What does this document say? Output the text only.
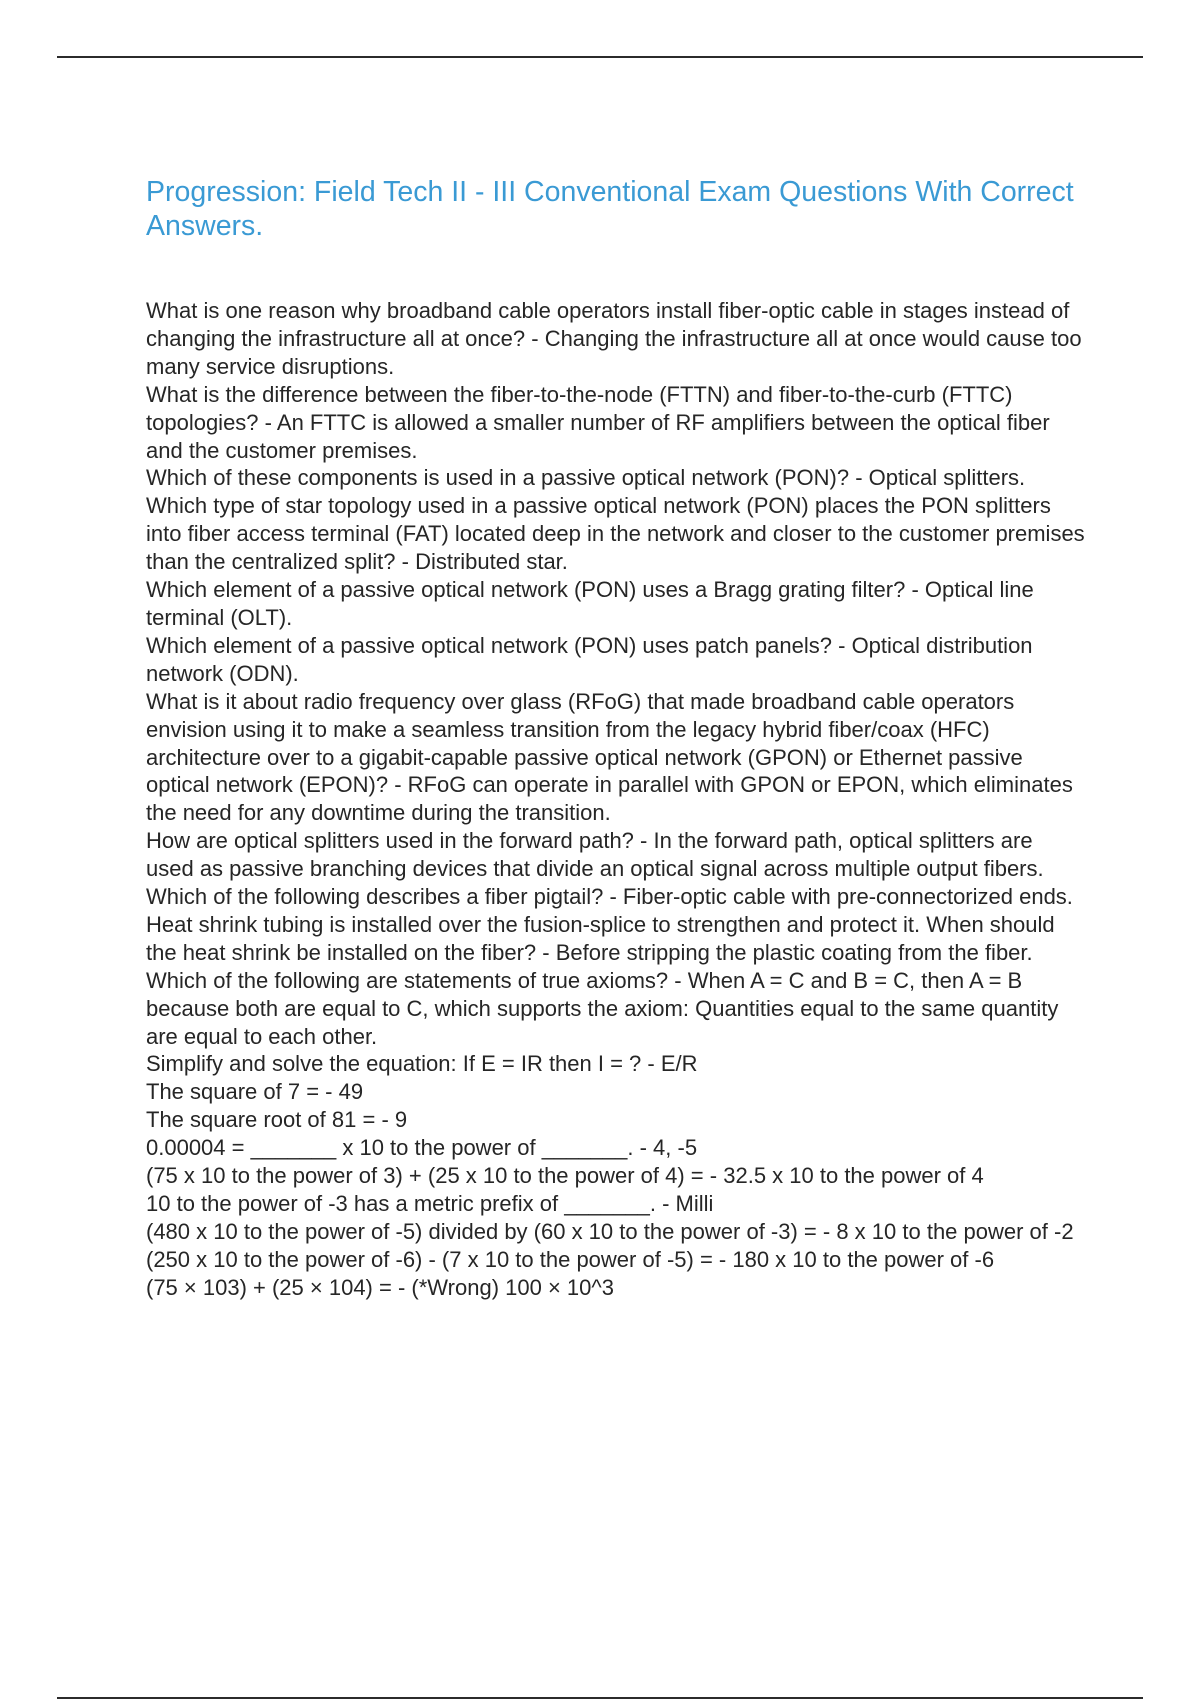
Progression: Field Tech II - III Conventional Exam Questions With Correct Answers.

What is one reason why broadband cable operators install fiber-optic cable in stages instead of changing the infrastructure all at once? - Changing the infrastructure all at once would cause too many service disruptions.

What is the difference between the fiber-to-the-node (FTTN) and fiber-to-the-curb (FTTC) topologies? - An FTTC is allowed a smaller number of RF amplifiers between the optical fiber and the customer premises.

Which of these components is used in a passive optical network (PON)? - Optical splitters.

Which type of star topology used in a passive optical network (PON) places the PON splitters into fiber access terminal (FAT) located deep in the network and closer to the customer premises than the centralized split? - Distributed star.

Which element of a passive optical network (PON) uses a Bragg grating filter? - Optical line terminal (OLT).

Which element of a passive optical network (PON) uses patch panels? - Optical distribution network (ODN).

What is it about radio frequency over glass (RFoG) that made broadband cable operators envision using it to make a seamless transition from the legacy hybrid fiber/coax (HFC) architecture over to a gigabit-capable passive optical network (GPON) or Ethernet passive optical network (EPON)? - RFoG can operate in parallel with GPON or EPON, which eliminates the need for any downtime during the transition.

How are optical splitters used in the forward path? - In the forward path, optical splitters are used as passive branching devices that divide an optical signal across multiple output fibers.

Which of the following describes a fiber pigtail? - Fiber-optic cable with pre-connectorized ends.

Heat shrink tubing is installed over the fusion-splice to strengthen and protect it. When should the heat shrink be installed on the fiber? - Before stripping the plastic coating from the fiber.

Which of the following are statements of true axioms? - When A = C and B = C, then A = B because both are equal to C, which supports the axiom: Quantities equal to the same quantity are equal to each other.

Simplify and solve the equation: If E = IR then I = ? - E/R

The square of 7 = - 49

The square root of 81 = - 9

0.00004 = _______ x 10 to the power of _______. - 4, -5

(75 x 10 to the power of 3) + (25 x 10 to the power of 4) = - 32.5 x 10 to the power of 4

10 to the power of -3 has a metric prefix of _______. - Milli

(480 x 10 to the power of -5) divided by (60 x 10 to the power of -3) = - 8 x 10 to the power of -2

(250 x 10 to the power of -6) - (7 x 10 to the power of -5) = - 180 x 10 to the power of -6

(75 × 103) + (25 × 104) = - (*Wrong) 100 × 10^3
